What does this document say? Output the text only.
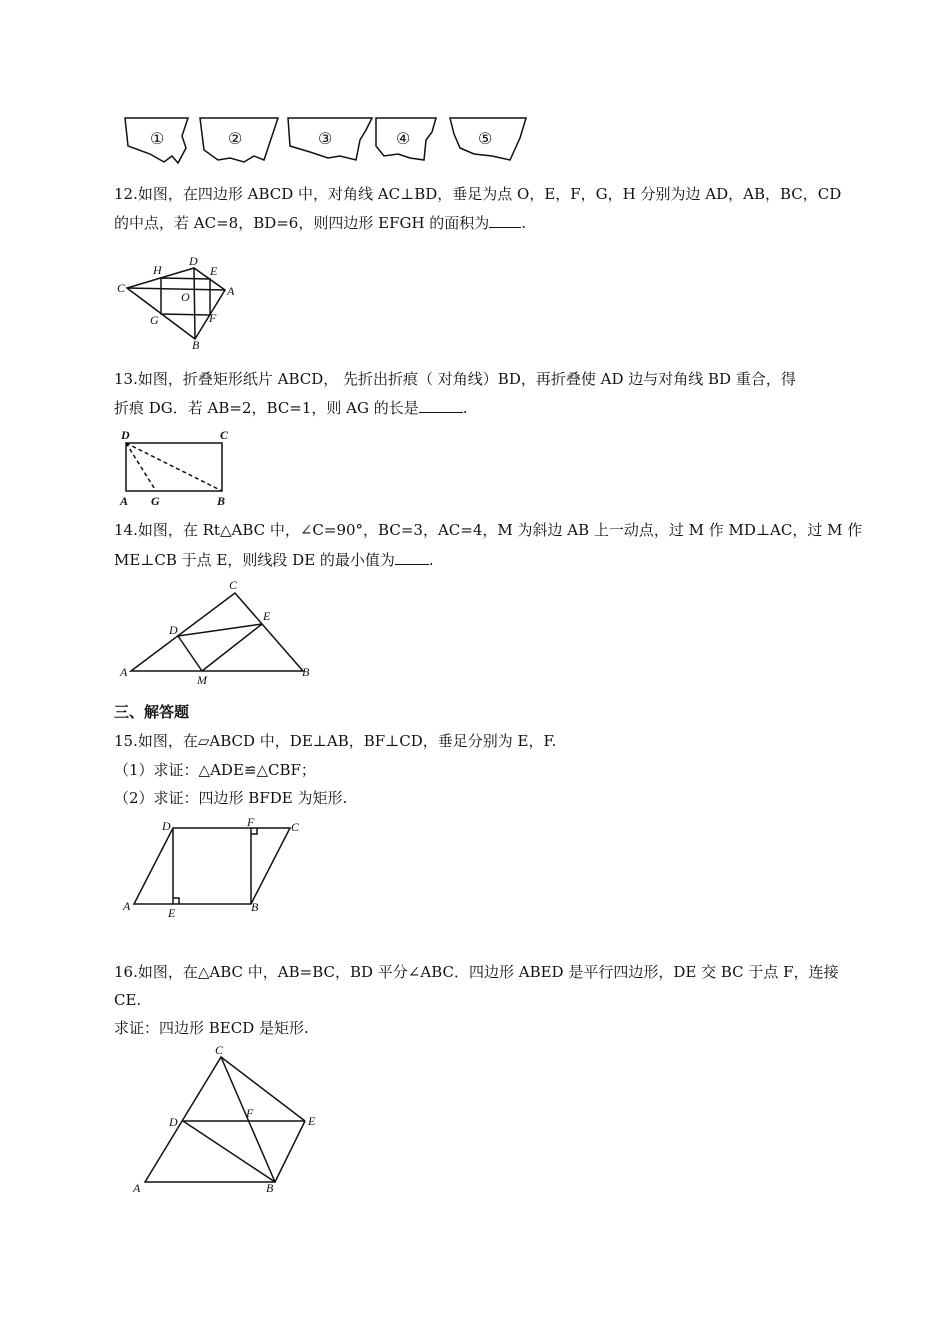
①	②	③	④	⑤
12.如图，在四边形 ABCD 中，对角线 AC⊥BD，垂足为点 O，E，F，G，H 分别为边 AD，AB，BC，CD
的中点，若 AC=8，BD=6，则四边形 EFGH 的面积为 .
C
H
D
E
A
O
G	F
B
13.如图，折叠矩形纸片 ABCD， 先折出折痕（ 对角线）BD，再折叠使 AD 边与对角线 BD 重合，得
折痕 DG．若 AB=2，BC=1，则 AG 的长是	.
D	C
A G	B
14.如图，在 Rt△ABC 中，∠C=90°，BC=3，AC=4，M 为斜边 AB 上一动点，过 M 作 MD⊥AC，过 M 作
ME⊥CB 于点 E，则线段 DE 的最小值为 .
C
E
D
A
M
B
三、解答题
15.如图，在▱ABCD 中，DE⊥AB，BF⊥CD，垂足分别为 E，F.
（1）求证：△ADE≌△CBF；
（2）求证：四边形 BFDE 为矩形.
D	F	C
A	E	B
16.如图，在△ABC 中，AB=BC，BD 平分∠ABC．四边形 ABED 是平行四边形，DE 交 BC 于点 F，连接
CE.
求证：四边形 BECD 是矩形.
C
D
F
E
A	B
